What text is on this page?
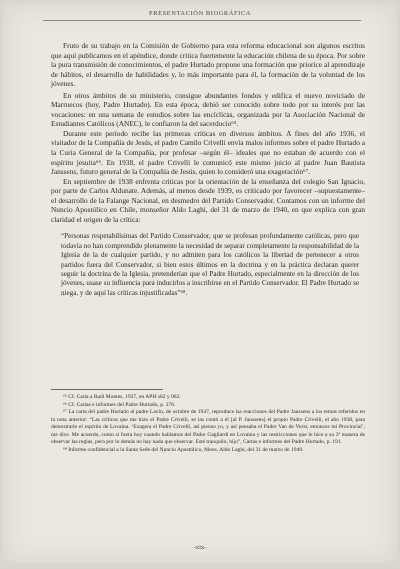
PRESENTACIÓN BIOGRÁFICA

Fruto de su trabajo en la Comisión de Gobierno para esta reforma educacional son algunos escritos que aquí publicamos en el apéndice, donde critica fuertemente la educación chilena de su época. Por sobre la pura transmisión de conocimientos, el padre Hurtado propone una formación que priorice al aprendizaje de hábitos, el desarrollo de habilidades y, lo más importante para él, la formación de la voluntad de los jóvenes.

En otros ámbitos de su ministerio, consigue abundantes fondos y edifica el nuevo noviciado de Marruecos (hoy, Padre Hurtado). En esta época, debió ser conocido sobre todo por su interés por las vocaciones: en una semana de estudios sobre las encíclicas, organizada por la Asociación Nacional de Estudiantes Católicos (ANEC), le confiaron la del sacerdocio⁶⁵.

Durante este período recibe las primeras críticas en diversos ámbitos. A fines del año 1936, el visitador de la Compañía de Jesús, el padre Camilo Crivelli envía malos informes sobre el padre Hurtado a la Curia General de la Compañía, por profesar –según él– ideales que no estaban de acuerdo con el espíritu jesuita⁶⁶. En 1938, el padre Crivelli le comunicó este mismo juicio al padre Juan Bautista Janssens, futuro general de la Compañía de Jesús, quien lo consideró una exageración⁶⁷.

En septiembre de 1938 enfrenta críticas por la orientación de la enseñanza del colegio San Ignacio, por parte de Carlos Aldunate. Además, al menos desde 1939, es criticado por favorecer –supuestamente– el desarrollo de la Falange Nacional, en desmedro del Partido Conservador. Contamos con un informe del Nuncio Apostólico en Chile, monseñor Aldo Laghi, del 31 de marzo de 1940, en que explica con gran claridad el origen de la crítica:

“Personas respetabilísimas del Partido Conservador, que se profesan profundamente católicas, pero que todavía no han comprendido plenamente la necesidad de separar completamente la responsabilidad de la Iglesia de la de cualquier partido, y no admiten para los católicos la libertad de pertenecer a otros partidos fuera del Conservador, si bien estos últimos en la doctrina y en la práctica declaran querer seguir la doctrina de la Iglesia, pretenderían que el Padre Hurtado, especialmente en la dirección de los jóvenes, usase su influencia para inducirlos a inscribirse en el Partido Conservador. El Padre Hurtado se niega, y de aquí las críticas injustificadas”⁶⁸.

⁶⁵ Cf. Carta a Raúl Montes, 1937, en APH s62 y 062.

⁶⁶ Cf. Cartas e informes del Padre Hurtado, p. 276.

⁶⁷ La carta del padre Hurtado al padre Lavín, de octubre de 1947, reproduce las reacciones del Padre Janssens a los temas referidos en la nota anterior: “Las críticas que me hizo el Padre Crivelli, se las contó a él [al P. Janssens] el propio Padre Crivelli, el año 1938, para demostrarle el espíritu de Lovaina. ‘Exagera el Padre Crivelli, así pienso yo, y así pensaba el Padre Van de Vorst, entonces mi Provincial’, me dice. Me acuerdo, como si fuera hoy cuando hablamos del Padre Gagliardi en Lovaina y las restricciones que le hice a su 3ª manera de observar las reglas, pero por lo demás no hay nada que observar. Esté tranquilo, hijo”, Cartas e informes del Padre Hurtado, p. 191.

⁶⁸ Informe confidencial a la Santa Sede del Nuncio Apostólico, Mons. Aldo Laghi, del 31 de marzo de 1940.

-xix-
